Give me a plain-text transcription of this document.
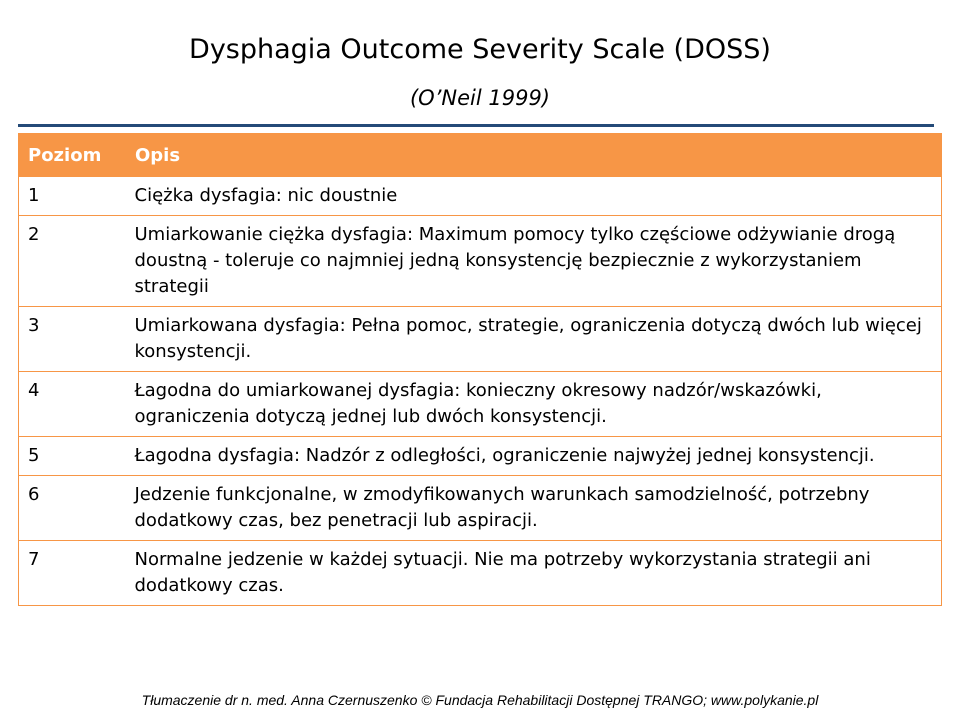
Dysphagia Outcome Severity Scale (DOSS)
(O’Neil 1999)
Poziom	Opis
1	Ciężka dysfagia: nic doustnie
2	Umiarkowanie ciężka dysfagia: Maximum pomocy tylko częściowe odżywianie drogą doustną - toleruje co najmniej jedną konsystencję bezpiecznie z wykorzystaniem strategii
3	Umiarkowana dysfagia: Pełna pomoc, strategie, ograniczenia dotyczą dwóch lub więcej konsystencji.
4	Łagodna do umiarkowanej dysfagia: konieczny okresowy nadzór/wskazówki, ograniczenia dotyczą jednej lub dwóch konsystencji.
5	Łagodna dysfagia: Nadzór z odległości, ograniczenie najwyżej jednej konsystencji.
6	Jedzenie funkcjonalne, w zmodyfikowanych warunkach samodzielność, potrzebny dodatkowy czas, bez penetracji lub aspiracji.
7	Normalne jedzenie w każdej sytuacji. Nie ma potrzeby wykorzystania strategii ani dodatkowy czas.
Tłumaczenie dr n. med. Anna Czernuszenko © Fundacja Rehabilitacji Dostępnej TRANGO; www.polykanie.pl
